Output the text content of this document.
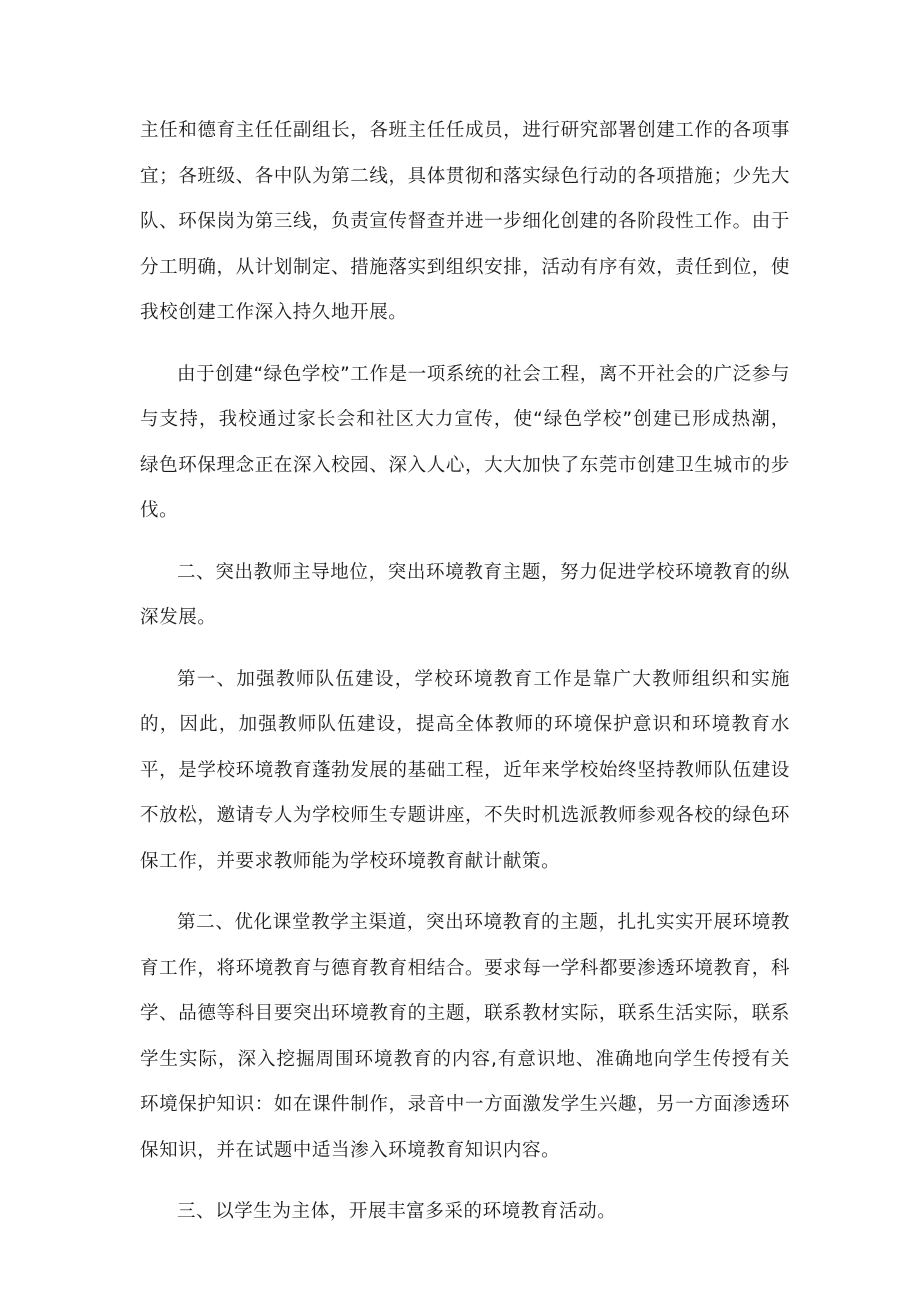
主任和德育主任任副组长，各班主任任成员，进行研究部署创建工作的各项事宜；各班级、各中队为第二线，具体贯彻和落实绿色行动的各项措施；少先大队、环保岗为第三线，负责宣传督查并进一步细化创建的各阶段性工作。由于分工明确，从计划制定、措施落实到组织安排，活动有序有效，责任到位，使我校创建工作深入持久地开展。

由于创建“绿色学校”工作是一项系统的社会工程，离不开社会的广泛参与与支持，我校通过家长会和社区大力宣传，使“绿色学校”创建已形成热潮，绿色环保理念正在深入校园、深入人心，大大加快了东莞市创建卫生城市的步伐。

二、突出教师主导地位，突出环境教育主题，努力促进学校环境教育的纵深发展。

第一、加强教师队伍建设，学校环境教育工作是靠广大教师组织和实施的，因此，加强教师队伍建设，提高全体教师的环境保护意识和环境教育水平，是学校环境教育蓬勃发展的基础工程，近年来学校始终坚持教师队伍建设不放松，邀请专人为学校师生专题讲座，不失时机选派教师参观各校的绿色环保工作，并要求教师能为学校环境教育献计献策。

第二、优化课堂教学主渠道，突出环境教育的主题，扎扎实实开展环境教育工作，将环境教育与德育教育相结合。要求每一学科都要渗透环境教育，科学、品德等科目要突出环境教育的主题，联系教材实际，联系生活实际，联系学生实际，深入挖掘周围环境教育的内容,有意识地、准确地向学生传授有关环境保护知识：如在课件制作，录音中一方面激发学生兴趣，另一方面渗透环保知识，并在试题中适当渗入环境教育知识内容。

三、以学生为主体，开展丰富多采的环境教育活动。
